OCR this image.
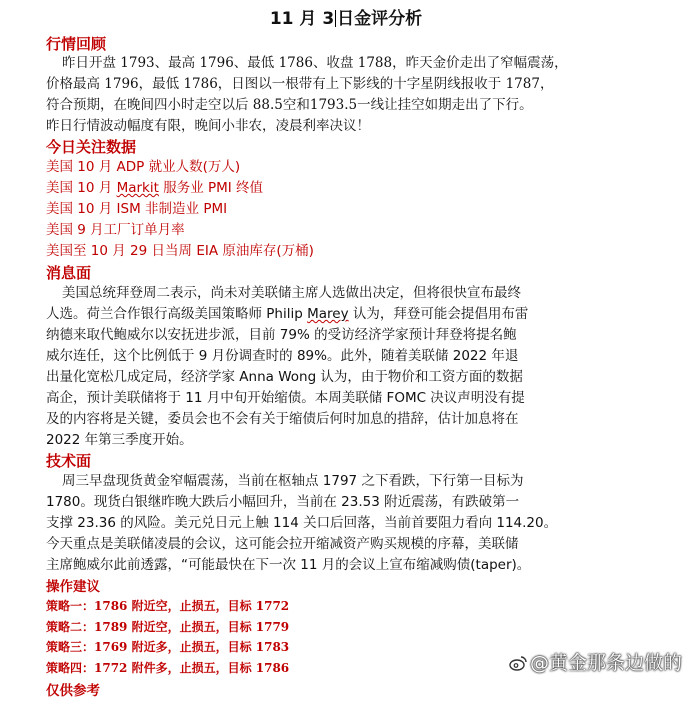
11 月 3 日金评分析
行情回顾
昨日开盘 1793、最高 1796、最低 1786、收盘 1788，昨天金价走出了窄幅震荡，
价格最高 1796，最低 1786，日图以一根带有上下影线的十字星阴线报收于 1787，
符合预期，在晚间四小时走空以后 88.5空和1793.5一线让挂空如期走出了下行。
昨日行情波动幅度有限，晚间小非农，凌晨利率决议！
今日关注数据
美国 10 月 ADP 就业人数(万人)
美国 10 月 Markit 服务业 PMI 终值
美国 10 月 ISM 非制造业 PMI
美国 9 月工厂订单月率
美国至 10 月 29 日当周 EIA 原油库存(万桶)
消息面
美国总统拜登周二表示，尚未对美联储主席人选做出决定，但将很快宣布最终
人选。荷兰合作银行高级美国策略师 Philip Marey 认为，拜登可能会提倡用布雷
纳德来取代鲍威尔以安抚进步派，目前 79% 的受访经济学家预计拜登将提名鲍
威尔连任，这个比例低于 9 月份调查时的 89%。此外，随着美联储 2022 年退
出量化宽松几成定局，经济学家 Anna Wong 认为，由于物价和工资方面的数据
高企，预计美联储将于 11 月中旬开始缩债。本周美联储 FOMC 决议声明没有提
及的内容将是关键，委员会也不会有关于缩债后何时加息的措辞，估计加息将在
2022 年第三季度开始。
技术面
周三早盘现货黄金窄幅震荡，当前在枢轴点 1797 之下看跌，下行第一目标为
1780。现货白银继昨晚大跌后小幅回升，当前在 23.53 附近震荡，有跌破第一
支撑 23.36 的风险。美元兑日元上触 114 关口后回落，当前首要阻力看向 114.20。
今天重点是美联储凌晨的会议，这可能会拉开缩减资产购买规模的序幕，美联储
主席鲍威尔此前透露，“可能最快在下一次 11 月的会议上宣布缩减购债(taper)。
操作建议
策略一：1786 附近空，止损五，目标 1772
策略二：1789 附近空，止损五，目标 1779
策略三：1769 附近多，止损五，目标 1783
策略四：1772 附件多，止损五，目标 1786
仅供参考
@黄金那条边做的
